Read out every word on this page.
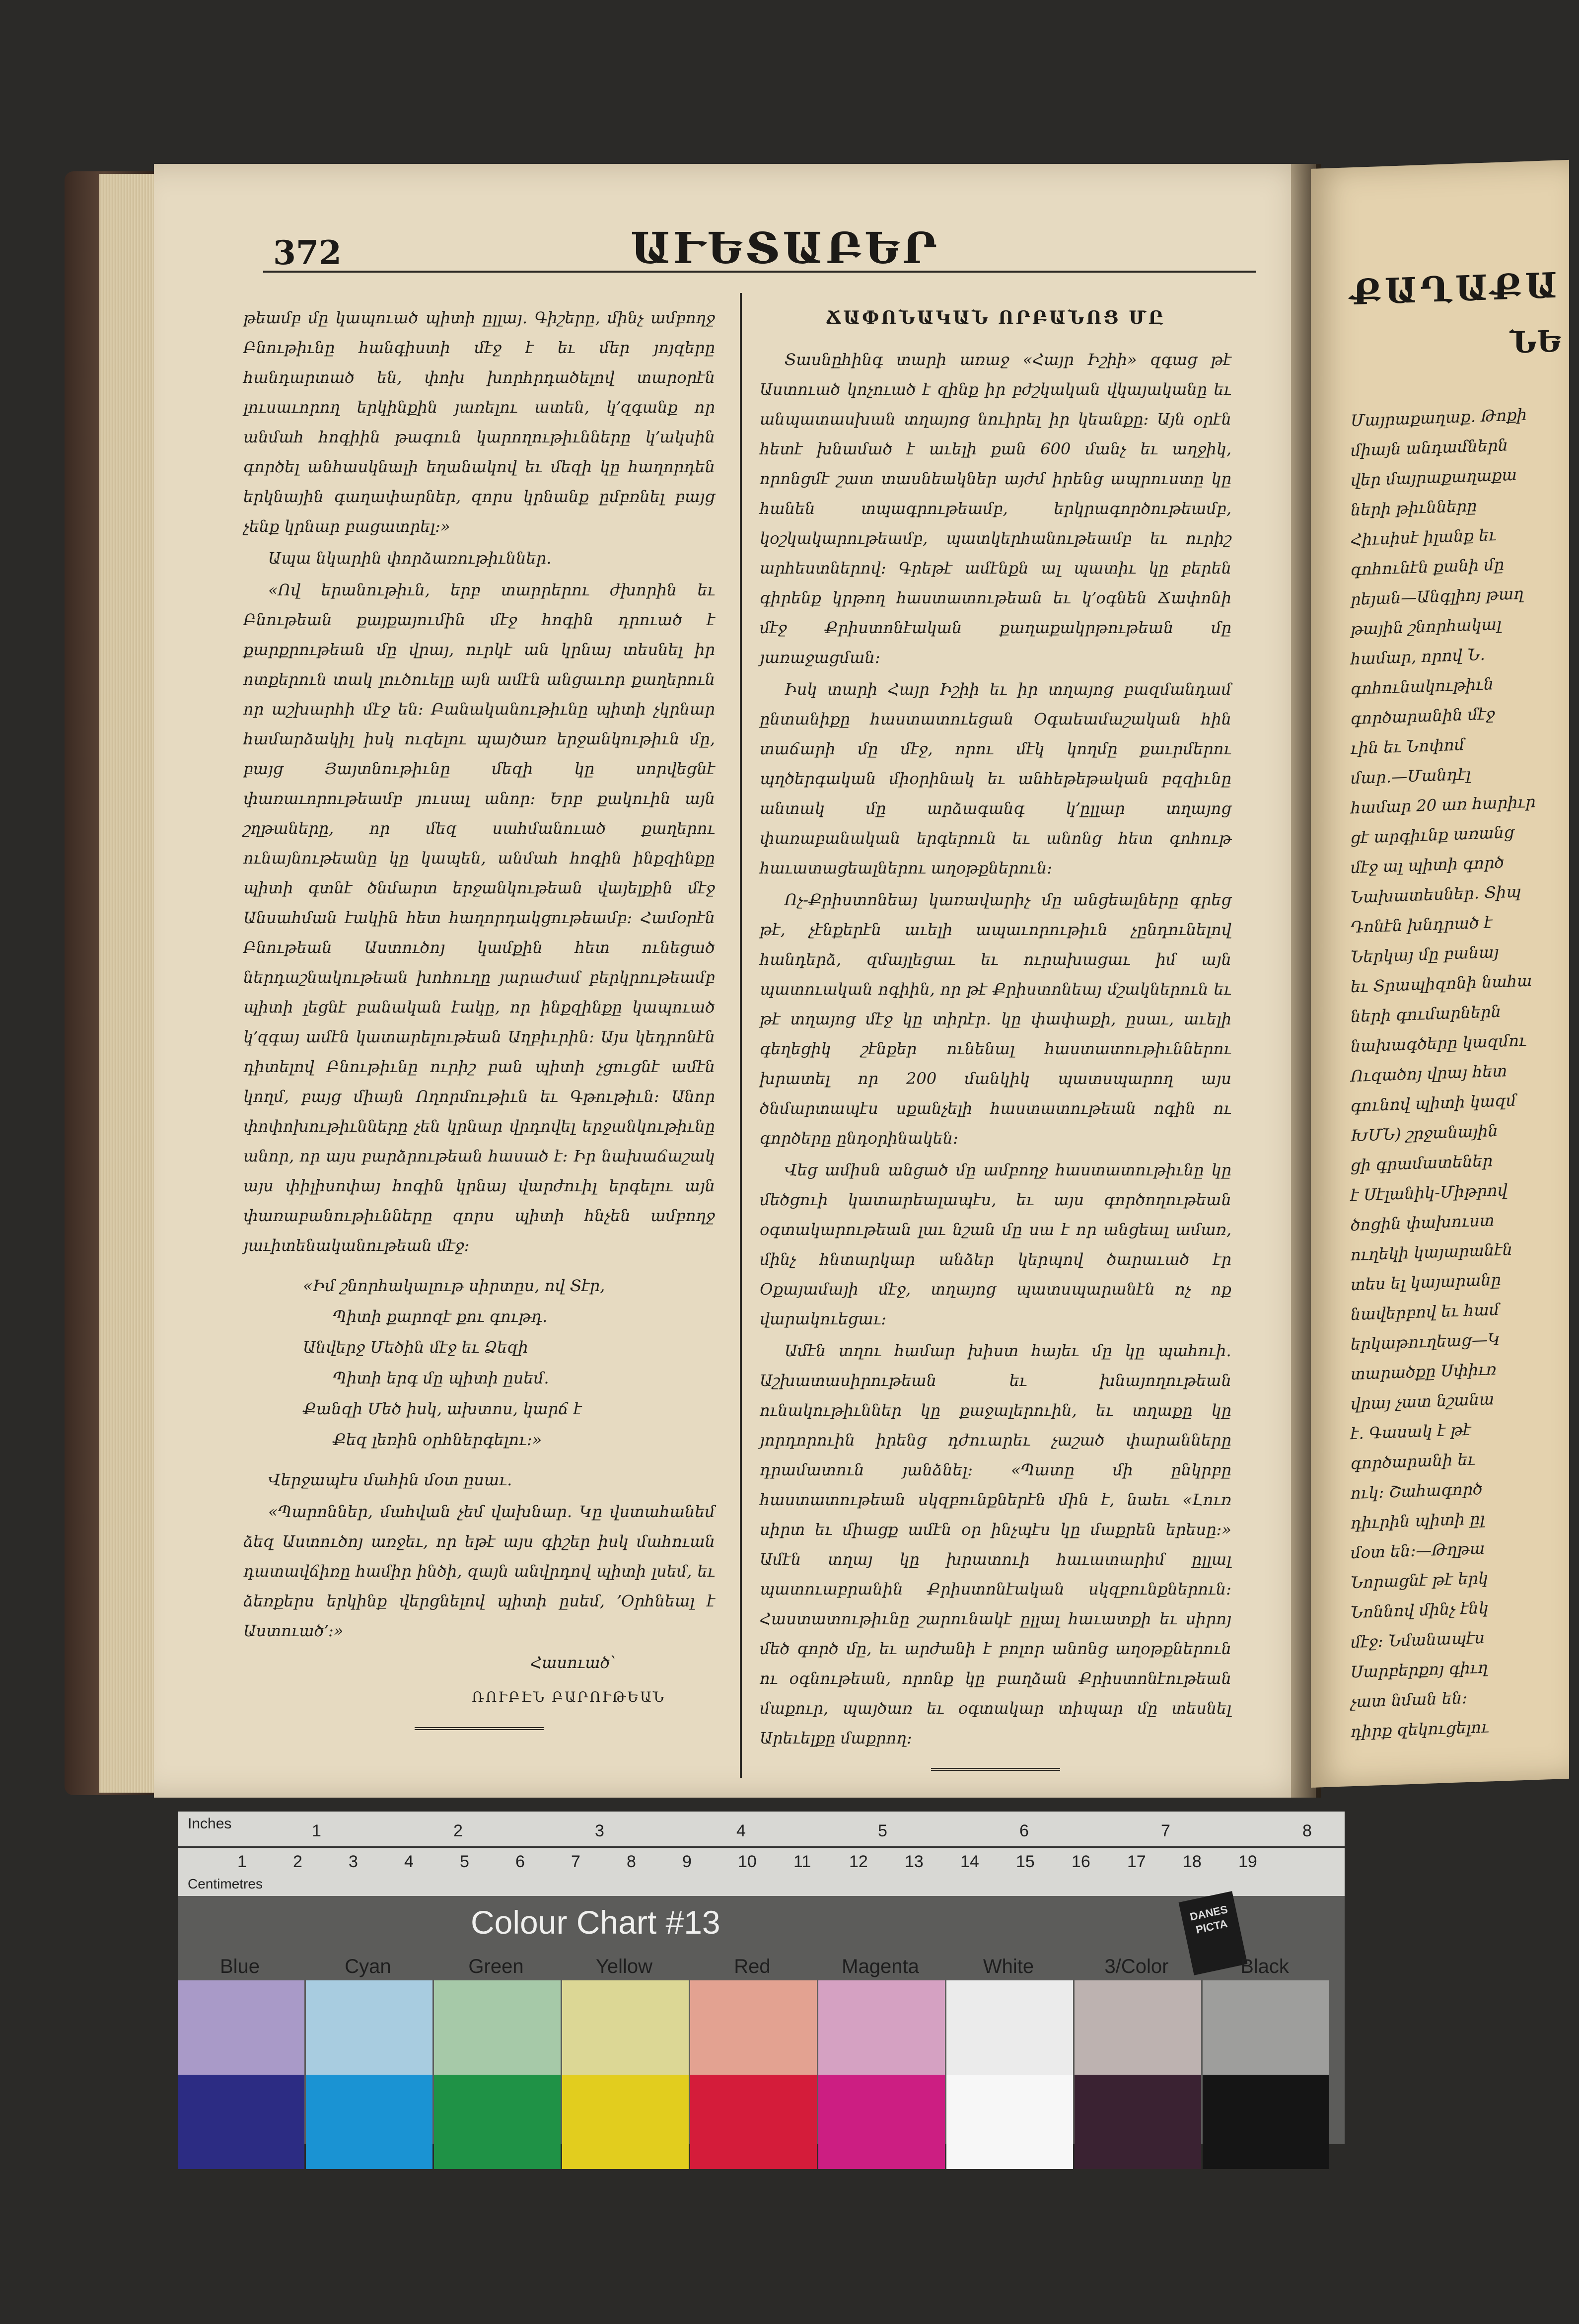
372	ԱՒԵՏԱԲԵՐ

թեամբ մը կապուած պիտի ըլլայ․ Գիշերը, մինչ ամբողջ Բնութիւնը հանգիստի մէջ է եւ մեր յոյզերը հանդարտած են, փոխ խորհրդածելով տարօրէն լուսաւորող երկինքին յառելու ատեն, կ՚զգանք որ անմահ հոգիին թագուն կարողութիւնները կ՚ակսին գործել անհասկնալի եղանակով եւ մեզի կը հաղորդեն երկնային գաղափարներ, զորս կրնանք ըմբռնել բայց չենք կրնար բացատրել։»

Ապա նկարին փորձառութիւններ․

«Ով երանութիւն, երբ տարրերու ժխորին եւ Բնութեան քայքայումին մէջ հոգին դրուած է քարքրութեան մը վրայ, ուրկէ ան կրնայ տեսնել իր ոտքերուն տակ լուծուելը այն ամէն անցաւոր քաղերուն որ աշխարհի մէջ են։ Բանականութիւնը պիտի չկրնար համարձակիլ իսկ ուզելու պայծառ երջանկութիւն մը, բայց Յայտնութիւնը մեզի կը սորվեցնէ փառաւորութեամբ յուսալ անոր։ Երբ քակուին այն շղթաները, որ մեզ սահմանուած քաղերու ունայնութեանը կը կապեն, անմահ հոգին ինքզինքը պիտի գտնէ ծնմարտ երջանկութեան վայելքին մէջ Անսահման էակին հետ հաղորդակցութեամբ։ Համօրէն Բնութեան Աստուծոյ կամքին հետ ունեցած ներդաշնակութեան խոհուղը յարաժամ բերկրութեամբ պիտի լեցնէ բանական էակը, որ ինքզինքը կապուած կ՚զգայ ամէն կատարելութեան Աղբիւրին։ Այս կեդրոնէն դիտելով Բնութիւնը ուրիշ բան պիտի չցուցնէ ամէն կողմ, բայց միայն Ողորմութիւն եւ Գթութիւն։ Անոր փոփոխութիւնները չեն կրնար վրդովել երջանկութիւնը անոր, որ այս բարձրութեան հասած է։ Իր նախաճաշակ այս փիլիսոփայ հոգին կրնայ վարժուիլ երգելու այն փառաբանութիւնները զորս պիտի հնչեն ամբողջ յաւիտենականութեան մէջ։

«Իմ շնորհակալութ սիրտըս, ով Տէր,
Պիտի քարոզէ քու գութդ․
Անվերջ Մեծին մէջ եւ Ձեզի
Պիտի երգ մը պիտի ըսեմ․
Քանզի Մեծ իսկ, ախտոս, կարճ է
Քեզ լեռին օրհներգելու։»

Վերջապէս մահին մօտ ըսաւ․

«Պարոններ, մահվան չեմ վախնար․ Կը վստահանեմ ձեզ Աստուծոյ առջեւ, որ եթէ այս գիշեր իսկ մահուան դատավճիռը համիր ինծի, զայն անվրդով պիտի լսեմ, եւ ձեռքերս երկինք վերցնելով պիտի ըսեմ, ՚Օրհնեալ է Աստուած՚։»

Հասուած՝
ՌՈՒԲԷՆ ԲԱՐՈՒԹԵԱՆ
ՃԱՓՈՆԱԿԱՆ ՈՐԲԱՆՈՑ ՄԸ

Տասնըհինգ տարի առաջ «Հայր Իշիի» զգաց թէ Աստուած կոչուած է զինք իր բժշկական վկայականը եւ անպատասխան տղայոց նուիրել իր կեանքը։ Այն օրէն հետէ խնամած է աւելի քան 600 մանչ եւ աղջիկ, որոնցմէ շատ տասնեակներ այժմ իրենց ապրուստը կը հանեն տպագրութեամբ, երկրագործութեամբ, կօշկակարութեամբ, պատկերհանութեամբ եւ ուրիշ արհեստներով։ Գրեթէ ամէնքն ալ պատիւ կը բերեն գիրենք կրթող հաստատութեան եւ կ՚օգնեն Ճափոնի մէջ Քրիստոնէական քաղաքակրթութեան մը յառաջացման։

Իսկ տարի Հայր Իշիի եւ իր տղայոց բազմանդամ ընտանիքը հաստատուեցան Օգաեամաշական հին տաճարի մը մէջ, որու մէկ կողմը քաւրմերու պղծերգական միօրինակ եւ անհեթեթական բզզիւնը անտակ մը արձագանգ կ՚ըլլար տղայոց փառաբանական երգերուն եւ անոնց հետ գոհութ հաւատացեալներու աղօթքներուն։

Ոչ-Քրիստոնեայ կառավարիչ մը անցեալները գրեց թէ, չէնքերէն աւելի ապաւորութիւն չընդունելով հանդերձ, զմայլեցաւ եւ ուրախացաւ իմ այն պատուական ոգիին, որ թէ Քրիստոնեայ մշակներուն եւ թէ տղայոց մէջ կը տիրէր․ կը փափաքի, ըսաւ, աւելի գեղեցիկ շէնքեր ունենալ հաստատութիւններու խրատել որ 200 մանկիկ պատսպարող այս ծնմարտապէս սքանչելի հաստատութեան ոգին ու գործերը ընդօրինակեն։

Վեց ամիսն անցած մը ամբողջ հաստատութիւնը կը մեծցուի կատարեալապէս, եւ այս գործողութեան օգտակարութեան լաւ նշան մը սա է որ անցեալ ամառ, մինչ հնտարկար անձեր կերպով ծարաւած էր Օքայամայի մէջ, տղայոց պատսպարանէն ոչ ոք վարակուեցաւ։

Ամէն տղու համար խիստ հայեւ մը կը պահուի․ Աշխատասիրութեան եւ խնայողութեան ունակութիւններ կը քաջալերուին, եւ տղաքը կը յորդորուին իրենց դժուարեւ չաշած փարանները դրամատուն յանձնել։ «Պատը մի ընկրբը հաստատութեան սկզբունքներէն մին է, նաեւ «Լուռ սիրտ եւ միացք ամէն օր ինչպէս կը մաքրեն երեսը։» Ամէն տղայ կը խրատուի հաւատարիմ ըլլալ պատուաբրանին Քրիստոնէական սկզբունքներուն։ Հաստատութիւնը շարունակէ ըլլալ հաւատքի եւ սիրոյ մեծ գործ մը, եւ արժանի է բոլոր անոնց աղօթքներուն ու օգնութեան, որոնք կը բաղձան Քրիստոնէութեան մաքուր, պայծառ եւ օգտակար տիպար մը տեսնել Արեւելքը մաքրող։

ՔԱՂԱՔԱ
ՆԵ
Մայրաքաղաք․ Թոքի
միայն անդամներն
վեր մայրաքաղաքա
ների թիւնները
Հիւսիսէ իլանք եւ
գոհունէն քանի մը
րեյան—Անգլիոյ թաղ
թային շնորհակալ
համար, որով Ն․
գոհունակութիւն
գործարանին մէջ
ւին եւ Նոփոմ
մար․—Մանդէլ
համար 20 առ հարիւր
ցէ արգիւնք առանց
մէջ ալ պիտի գործ
Նախատեսներ․ Տիպ
Դոնէն խնդրած է
Ներկայ մը բանայ
եւ Տրապիզոնի նահա
ների գումարներն
նախագծերը կազմու
Ուզածոյ վրայ հետ
գունով պիտի կազմ
ԽՄՆ) շրջանային
ցի գրամատեներ
է Սէլանիկ-Միթրով
ծոցին փախուստ
ուղեկի կայարանէն
տես ել կայարանը
նավերբով եւ համ
երկաթուղեաց—Կ
տարածքը Սփիւռ
վրայ չատ նշանա
է․ Գասակ է թէ
գործարանի եւ
ուկ։ Շահագործ
դիւրին պիտի ըլ
մօտ են։—Թղթա
Նորացնէ թէ երկ
Նոննով մինչ էնկ
մէջ։ Նմանապէս
Սարբերքոյ գիւղ
չատ նման են։
դիրք զեկուցելու
Inches
Centimetres
1	2	3	4	5	6	7	8
1	2	3	4	5	6	7	8	9	10 11 12 13 14 15 16 17 18 19
Colour Chart #13	DANES PICTA
Blue	Cyan	Green	Yellow	Red	Magenta	White	3/Color	Black
